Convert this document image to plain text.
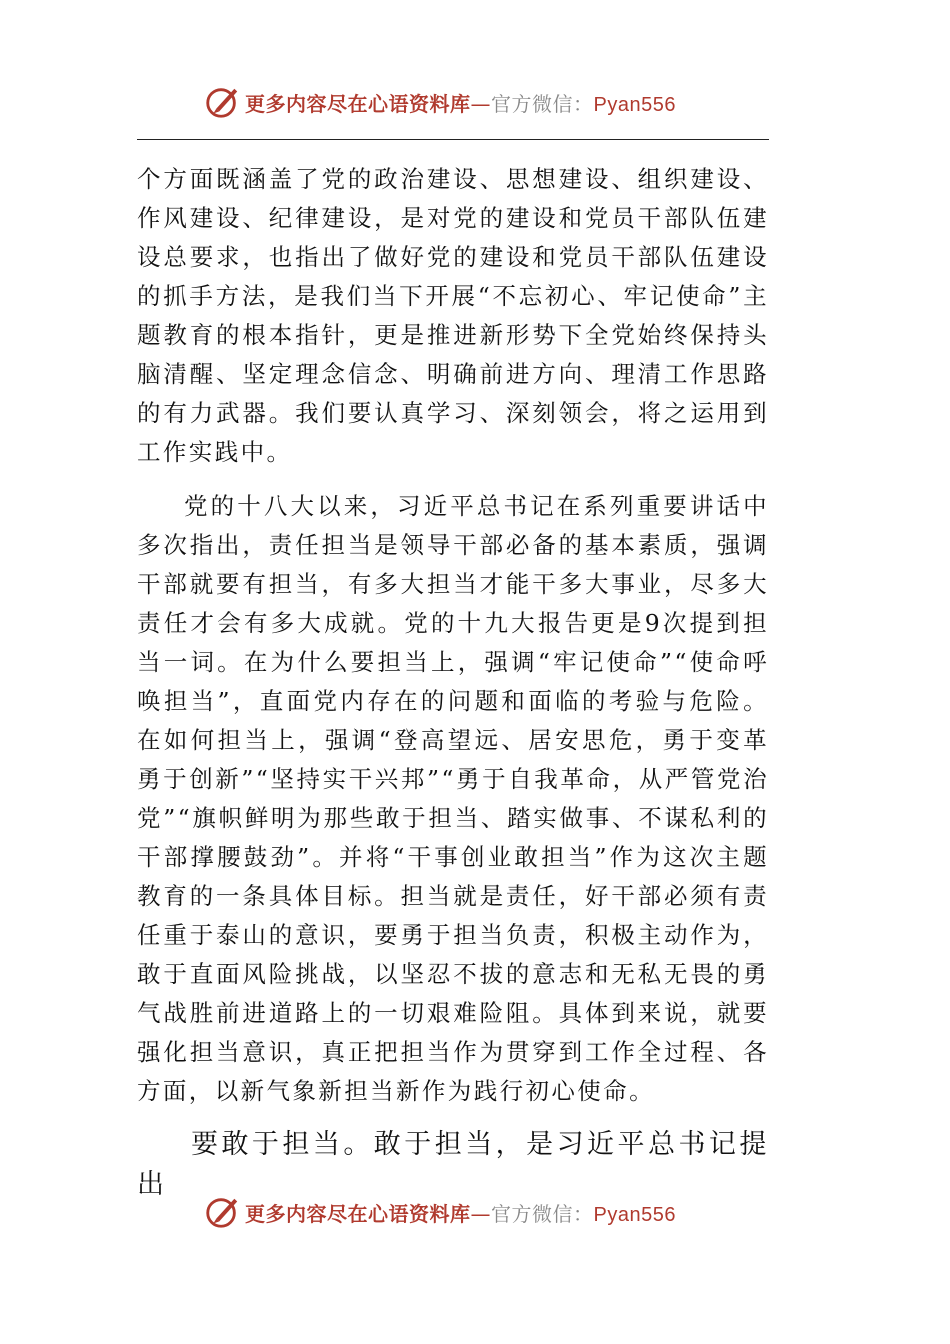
更多内容尽在心语资料库—官方微信：Pyan556

个方面既涵盖了党的政治建设、思想建设、组织建设、作风建设、纪律建设，是对党的建设和党员干部队伍建设总要求，也指出了做好党的建设和党员干部队伍建设的抓手方法，是我们当下开展“不忘初心、牢记使命”主题教育的根本指针，更是推进新形势下全党始终保持头脑清醒、坚定理念信念、明确前进方向、理清工作思路的有力武器。我们要认真学习、深刻领会，将之运用到工作实践中。

党的十八大以来，习近平总书记在系列重要讲话中多次指出，责任担当是领导干部必备的基本素质，强调干部就要有担当，有多大担当才能干多大事业，尽多大责任才会有多大成就。党的十九大报告更是9次提到担当一词。在为什么要担当上，强调“牢记使命”“使命呼唤担当”，直面党内存在的问题和面临的考验与危险。在如何担当上，强调“登高望远、居安思危，勇于变革勇于创新”“坚持实干兴邦”“勇于自我革命，从严管党治党”“旗帜鲜明为那些敢于担当、踏实做事、不谋私利的干部撑腰鼓劲”。并将“干事创业敢担当”作为这次主题教育的一条具体目标。担当就是责任，好干部必须有责任重于泰山的意识，要勇于担当负责，积极主动作为，敢于直面风险挑战，以坚忍不拔的意志和无私无畏的勇气战胜前进道路上的一切艰难险阻。具体到来说，就要强化担当意识，真正把担当作为贯穿到工作全过程、各方面，以新气象新担当新作为践行初心使命。

要敢于担当。敢于担当，是习近平总书记提出

更多内容尽在心语资料库—官方微信：Pyan556
